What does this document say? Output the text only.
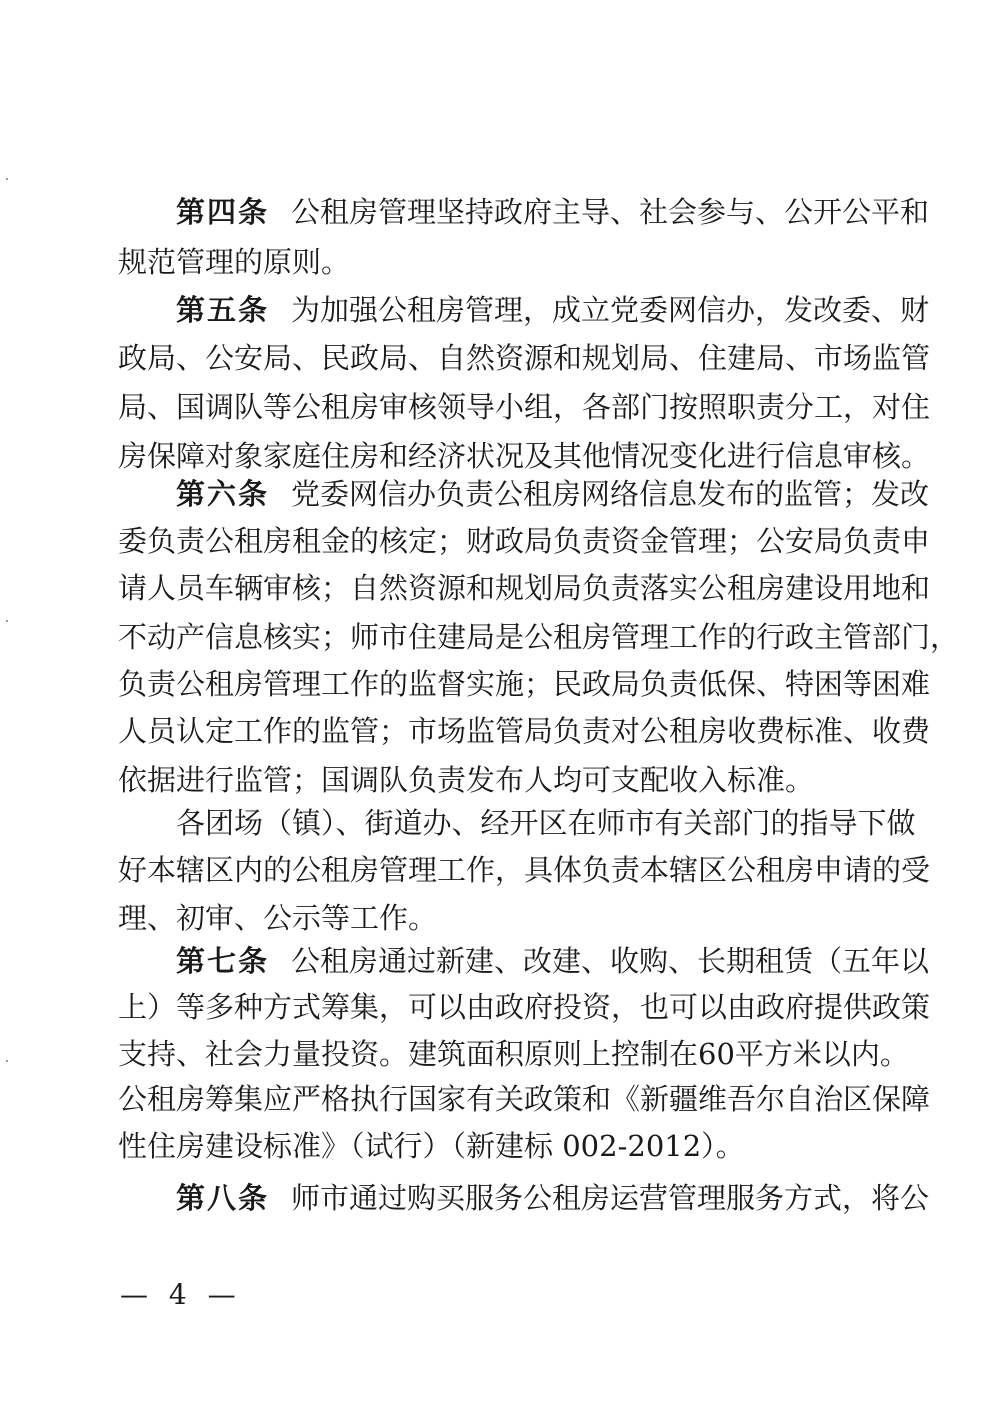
第四条 公租房管理坚持政府主导、社会参与、公开公平和
规范管理的原则。
第五条 为加强公租房管理，成立党委网信办，发改委、财
政局、公安局、民政局、自然资源和规划局、住建局、市场监管
局、国调队等公租房审核领导小组，各部门按照职责分工，对住
房保障对象家庭住房和经济状况及其他情况变化进行信息审核。
第六条 党委网信办负责公租房网络信息发布的监管；发改
委负责公租房租金的核定；财政局负责资金管理；公安局负责申
请人员车辆审核；自然资源和规划局负责落实公租房建设用地和
不动产信息核实；师市住建局是公租房管理工作的行政主管部门，
负责公租房管理工作的监督实施；民政局负责低保、特困等困难
人员认定工作的监管；市场监管局负责对公租房收费标准、收费
依据进行监管；国调队负责发布人均可支配收入标准。
各团场（镇）、街道办、经开区在师市有关部门的指导下做
好本辖区内的公租房管理工作，具体负责本辖区公租房申请的受
理、初审、公示等工作。
第七条 公租房通过新建、改建、收购、长期租赁（五年以
上）等多种方式筹集，可以由政府投资，也可以由政府提供政策
支持、社会力量投资。建筑面积原则上控制在60平方米以内。
公租房筹集应严格执行国家有关政策和《新疆维吾尔自治区保障
性住房建设标准》（试行）（新建标 002-2012）。
第八条 师市通过购买服务公租房运营管理服务方式，将公
— 4 —
